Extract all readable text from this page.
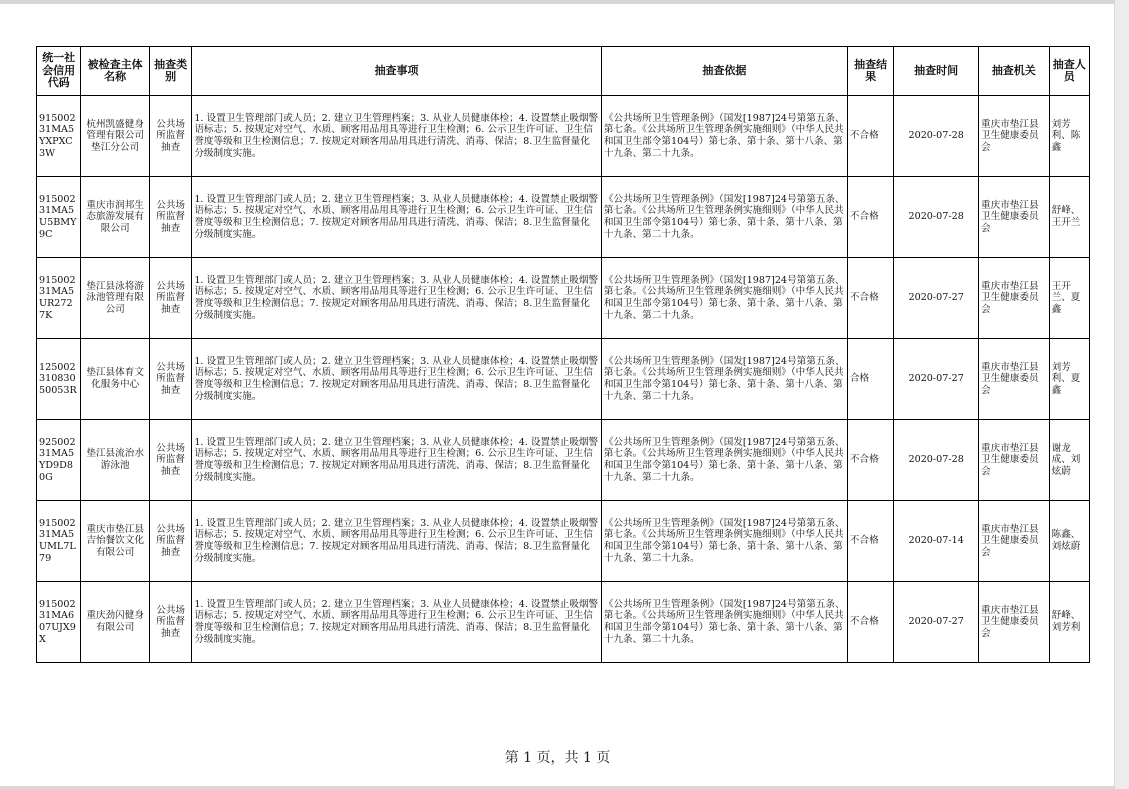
统一社会信用代码	被检查主体名称	抽查类别	抽查事项	抽查依据	抽查结果	抽查时间	抽查机关	抽查人员
91500231MA5YXPXC3W	杭州凯盛健身管理有限公司垫江分公司	公共场所监督抽查	1. 设置卫生管理部门或人员；2. 建立卫生管理档案；3. 从业人员健康体检；4. 设置禁止吸烟警语标志；5. 按规定对空气、水质、顾客用品用具等进行卫生检测；6. 公示卫生许可证、卫生信誉度等级和卫生检测信息；7. 按规定对顾客用品用具进行清洗、消毒、保洁；8.卫生监督量化分级制度实施。	《公共场所卫生管理条例》（国发[1987]24号第第五条、第七条。《公共场所卫生管理条例实施细则》（中华人民共和国卫生部令第104号）第七条、第十条、第十八条、第十九条、第二十九条。	不合格	2020-07-28	重庆市垫江县卫生健康委员会	刘芳利、陈鑫
91500231MA5U5BMY9C	重庆市润邦生态旅游发展有限公司	公共场所监督抽查	1. 设置卫生管理部门或人员；2. 建立卫生管理档案；3. 从业人员健康体检；4. 设置禁止吸烟警语标志；5. 按规定对空气、水质、顾客用品用具等进行卫生检测；6. 公示卫生许可证、卫生信誉度等级和卫生检测信息；7. 按规定对顾客用品用具进行清洗、消毒、保洁；8.卫生监督量化分级制度实施。	《公共场所卫生管理条例》（国发[1987]24号第第五条、第七条。《公共场所卫生管理条例实施细则》（中华人民共和国卫生部令第104号）第七条、第十条、第十八条、第十九条、第二十九条。	不合格	2020-07-28	重庆市垫江县卫生健康委员会	舒峰、王开兰
91500231MA5UR2727K	垫江县泳将游泳池管理有限公司	公共场所监督抽查	1. 设置卫生管理部门或人员；2. 建立卫生管理档案；3. 从业人员健康体检；4. 设置禁止吸烟警语标志；5. 按规定对空气、水质、顾客用品用具等进行卫生检测；6. 公示卫生许可证、卫生信誉度等级和卫生检测信息；7. 按规定对顾客用品用具进行清洗、消毒、保洁；8.卫生监督量化分级制度实施。	《公共场所卫生管理条例》（国发[1987]24号第第五条、第七条。《公共场所卫生管理条例实施细则》（中华人民共和国卫生部令第104号）第七条、第十条、第十八条、第十九条、第二十九条。	不合格	2020-07-27	重庆市垫江县卫生健康委员会	王开兰、夏鑫
12500231083050053R	垫江县体育文化服务中心	公共场所监督抽查	1. 设置卫生管理部门或人员；2. 建立卫生管理档案；3. 从业人员健康体检；4. 设置禁止吸烟警语标志；5. 按规定对空气、水质、顾客用品用具等进行卫生检测；6. 公示卫生许可证、卫生信誉度等级和卫生检测信息；7. 按规定对顾客用品用具进行清洗、消毒、保洁；8.卫生监督量化分级制度实施。	《公共场所卫生管理条例》（国发[1987]24号第第五条、第七条。《公共场所卫生管理条例实施细则》（中华人民共和国卫生部令第104号）第七条、第十条、第十八条、第十九条、第二十九条。	合格	2020-07-27	重庆市垫江县卫生健康委员会	刘芳利、夏鑫
92500231MA5YD9D80G	垫江县流治水游泳池	公共场所监督抽查	1. 设置卫生管理部门或人员；2. 建立卫生管理档案；3. 从业人员健康体检；4. 设置禁止吸烟警语标志；5. 按规定对空气、水质、顾客用品用具等进行卫生检测；6. 公示卫生许可证、卫生信誉度等级和卫生检测信息；7. 按规定对顾客用品用具进行清洗、消毒、保洁；8.卫生监督量化分级制度实施。	《公共场所卫生管理条例》（国发[1987]24号第第五条、第七条。《公共场所卫生管理条例实施细则》（中华人民共和国卫生部令第104号）第七条、第十条、第十八条、第十九条、第二十九条。	不合格	2020-07-28	重庆市垫江县卫生健康委员会	谢龙成、刘炫蔚
91500231MA5UML7L79	重庆市垫江县吉怡餐饮文化有限公司	公共场所监督抽查	1. 设置卫生管理部门或人员；2. 建立卫生管理档案；3. 从业人员健康体检；4. 设置禁止吸烟警语标志；5. 按规定对空气、水质、顾客用品用具等进行卫生检测；6. 公示卫生许可证、卫生信誉度等级和卫生检测信息；7. 按规定对顾客用品用具进行清洗、消毒、保洁；8.卫生监督量化分级制度实施。	《公共场所卫生管理条例》（国发[1987]24号第第五条、第七条。《公共场所卫生管理条例实施细则》（中华人民共和国卫生部令第104号）第七条、第十条、第十八条、第十九条、第二十九条。	不合格	2020-07-14	重庆市垫江县卫生健康委员会	陈鑫、刘炫蔚
91500231MA607UJX9X	重庆劲闪健身有限公司	公共场所监督抽查	1. 设置卫生管理部门或人员；2. 建立卫生管理档案；3. 从业人员健康体检；4. 设置禁止吸烟警语标志；5. 按规定对空气、水质、顾客用品用具等进行卫生检测；6. 公示卫生许可证、卫生信誉度等级和卫生检测信息；7. 按规定对顾客用品用具进行清洗、消毒、保洁；8.卫生监督量化分级制度实施。	《公共场所卫生管理条例》（国发[1987]24号第第五条、第七条。《公共场所卫生管理条例实施细则》（中华人民共和国卫生部令第104号）第七条、第十条、第十八条、第十九条、第二十九条。	不合格	2020-07-27	重庆市垫江县卫生健康委员会	舒峰、刘芳利
第 1 页，共 1 页
